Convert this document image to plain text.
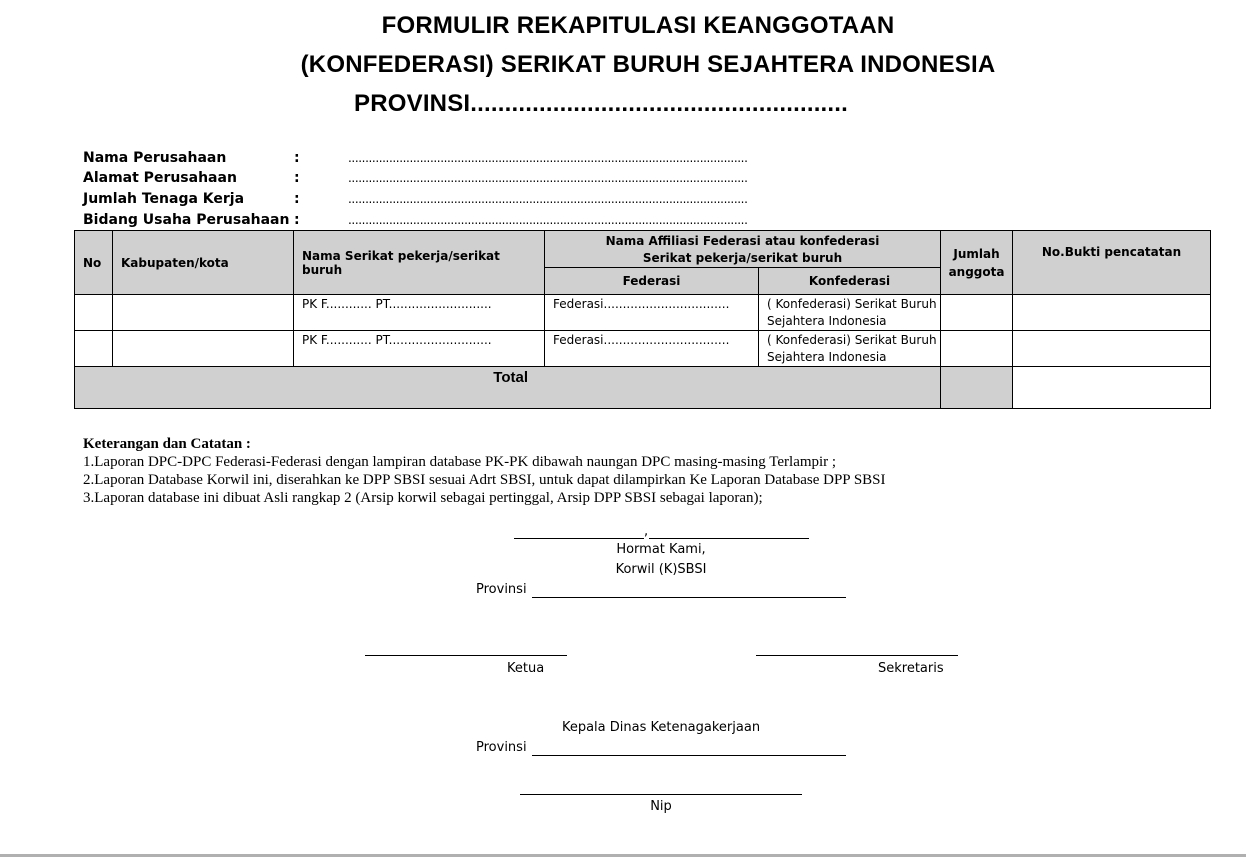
FORMULIR REKAPITULASI KEANGGOTAAN
(KONFEDERASI) SERIKAT BURUH SEJAHTERA INDONESIA
PROVINSI.......................................................
Nama Perusahaan	:	.....................................................................................................................
Alamat Perusahaan	:	.....................................................................................................................
Jumlah Tenaga Kerja	:	.....................................................................................................................
Bidang Usaha Perusahaan :	.....................................................................................................................
No	Kabupaten/kota	Nama Serikat pekerja/serikat buruh	Nama Affiliasi Federasi atau konfederasi Serikat pekerja/serikat buruh		Jumlah anggota	No.Bukti pencatatan
			Federasi	Konfederasi		

		PK F............ PT...........................	Federasi.................................	( Konfederasi) Serikat Buruh Sejahtera Indonesia		

		PK F............ PT...........................	Federasi.................................	( Konfederasi) Serikat Buruh Sejahtera Indonesia		

Total						
Keterangan dan Catatan :
1.Laporan DPC-DPC Federasi-Federasi dengan lampiran database PK-PK dibawah naungan DPC masing-masing Terlampir ;
2.Laporan Database Korwil ini, diserahkan ke DPP SBSI sesuai Adrt SBSI, untuk dapat dilampirkan Ke Laporan Database DPP SBSI
3.Laporan database ini dibuat Asli rangkap 2 (Arsip korwil sebagai pertinggal, Arsip DPP SBSI sebagai laporan);
,
Hormat Kami,
Korwil (K)SBSI
Provinsi
Ketua	Sekretaris
Kepala Dinas Ketenagakerjaan
Provinsi
Nip
